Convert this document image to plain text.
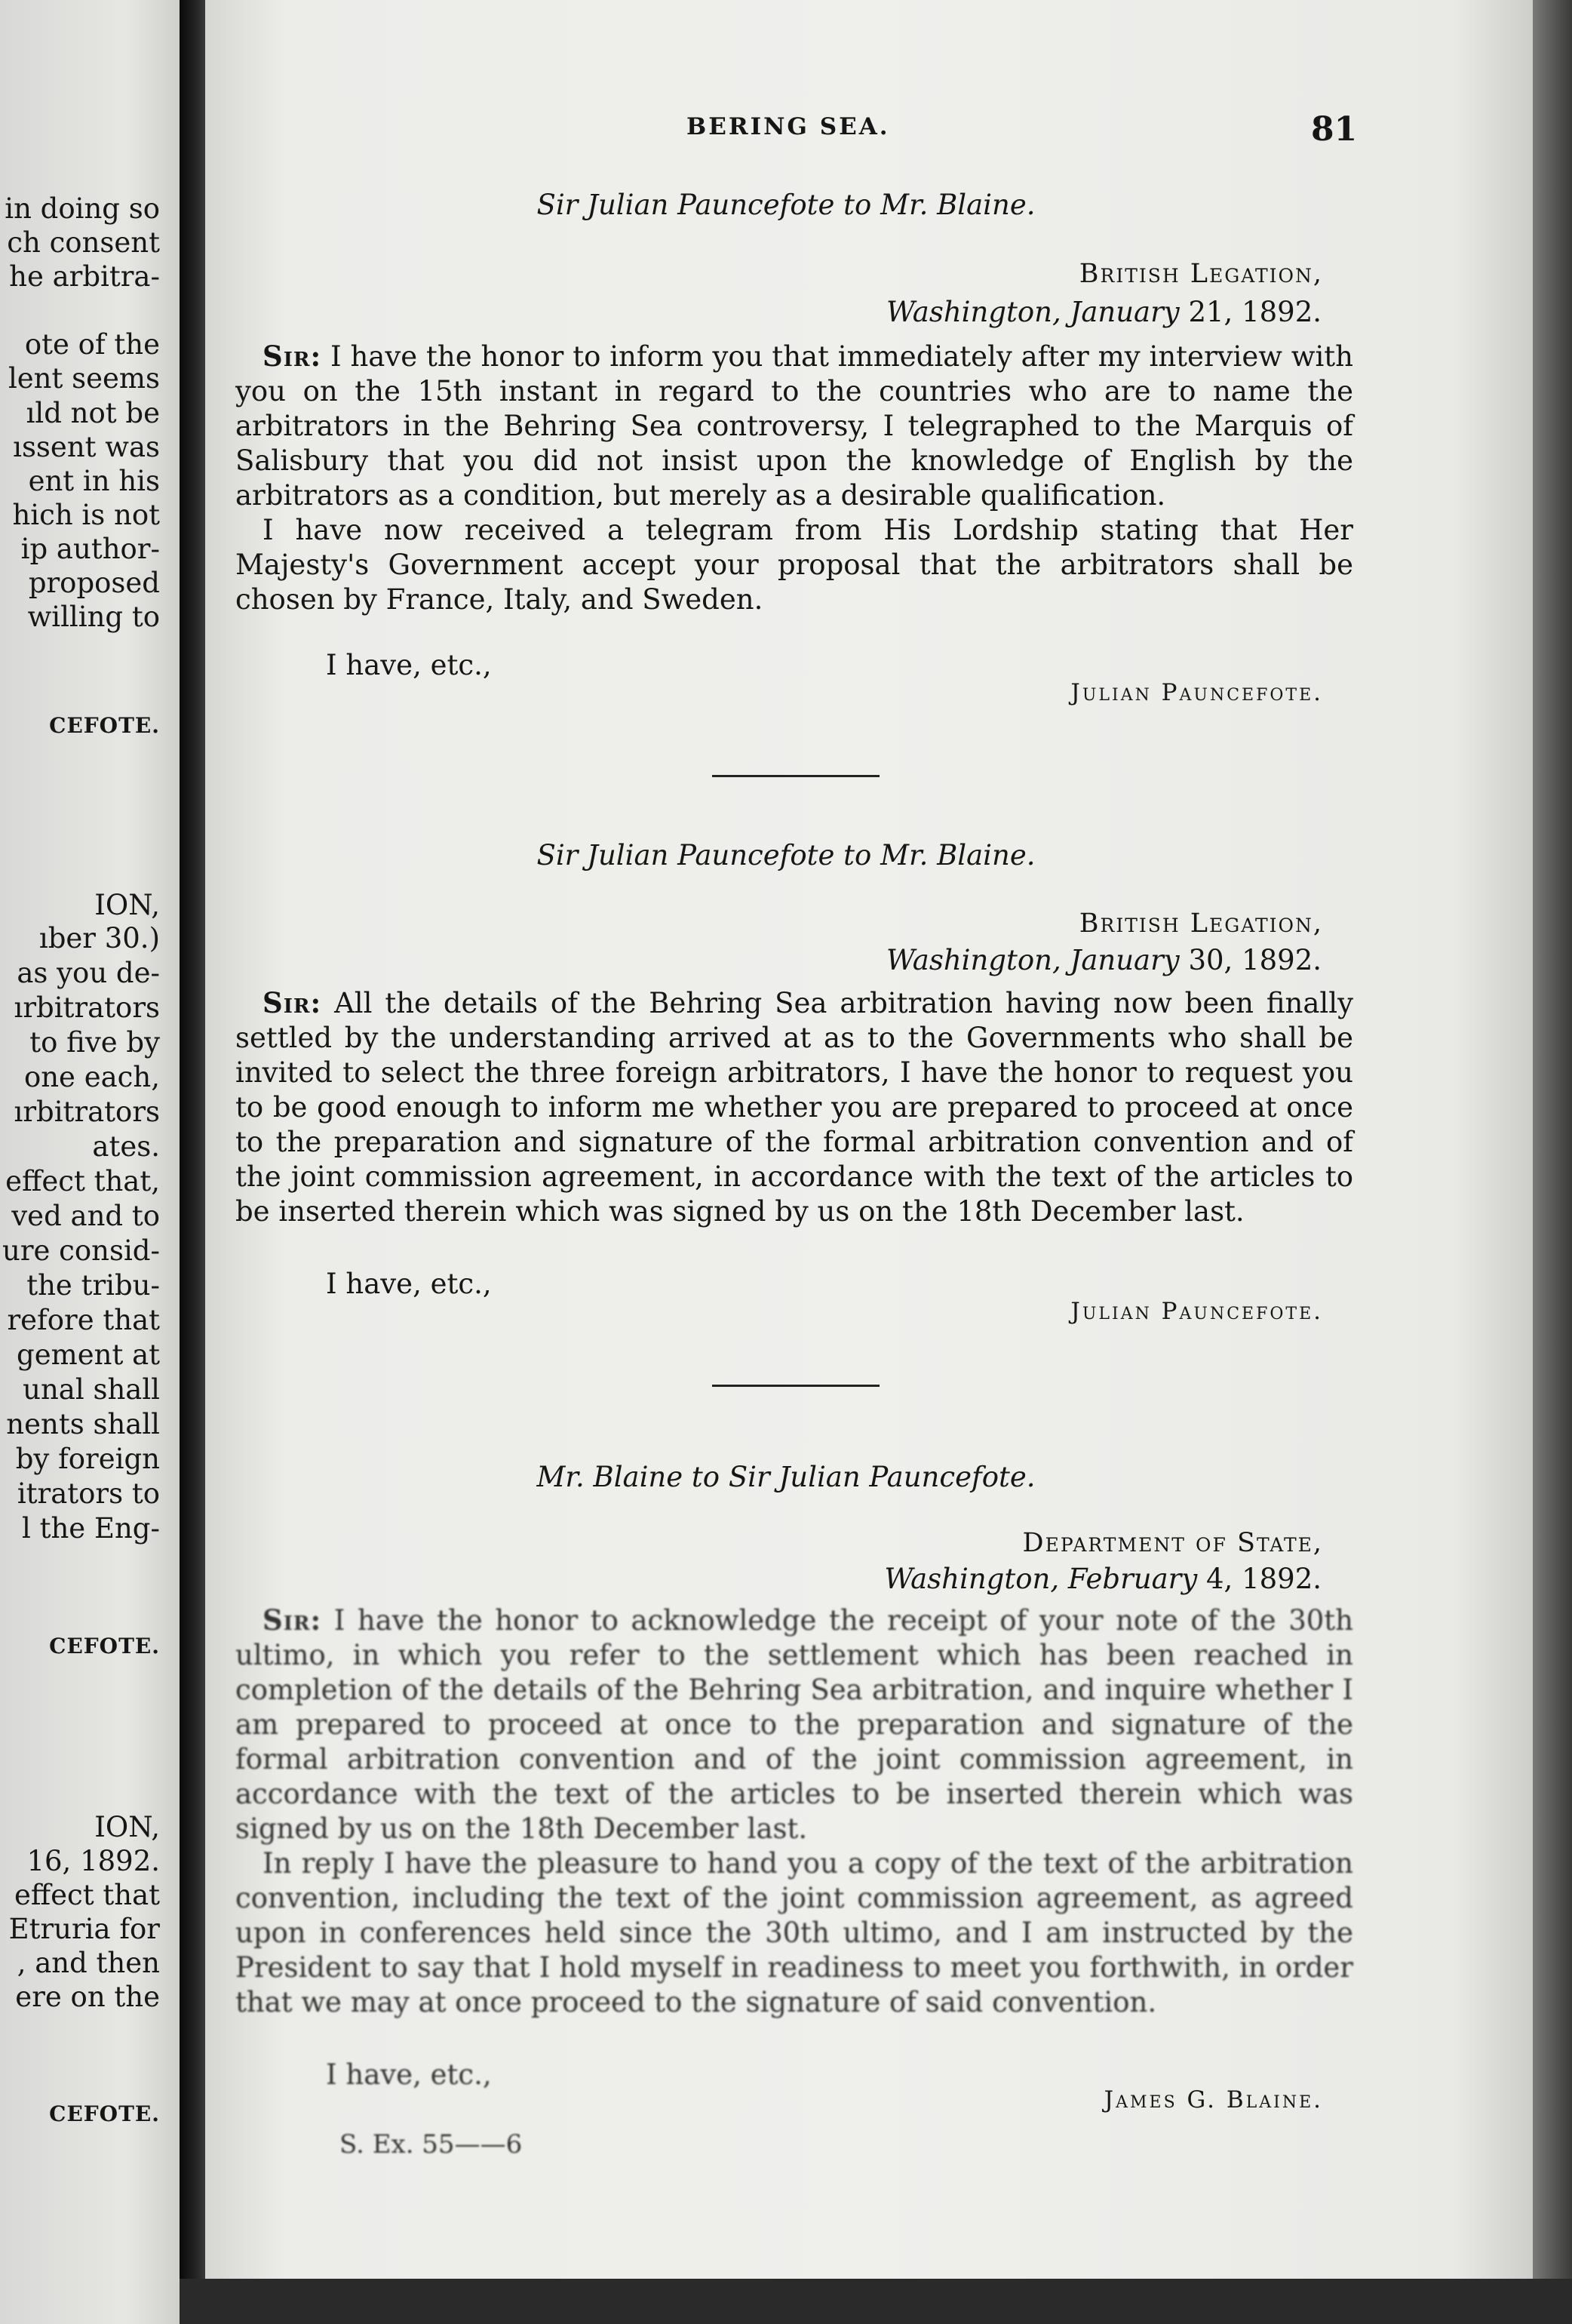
in doing so
ch consent
he arbitra-
ote of the
lent seems
ıld not be
ıssent was
ent in his
hich is not
ip author-
proposed
willing to
CEFOTE.
ION,
ıber 30.)
as you de-
ırbitrators
to five by
one each,
ırbitrators
ates.
effect that,
ved and to
ure consid-
the tribu-
refore that
gement at
unal shall
nents shall
by foreign
itrators to
l the Eng-
CEFOTE.
ION,
16, 1892.
effect that
Etruria for
, and then
ere on the
CEFOTE.
BERING SEA.	81
Sir Julian Pauncefote to Mr. Blaine.
British Legation,
Washington, January 21, 1892.

Sir: I have the honor to inform you that immediately after my interview with you on the 15th instant in regard to the countries who are to name the arbitrators in the Behring Sea controversy, I telegraphed to the Marquis of Salisbury that you did not insist upon the knowledge of English by the arbitrators as a condition, but merely as a desirable qualification.

I have now received a telegram from His Lordship stating that Her Majesty's Government accept your proposal that the arbitrators shall be chosen by France, Italy, and Sweden.

I have, etc.,
Julian Pauncefote.
Sir Julian Pauncefote to Mr. Blaine.
British Legation,
Washington, January 30, 1892.

Sir: All the details of the Behring Sea arbitration having now been finally settled by the understanding arrived at as to the Governments who shall be invited to select the three foreign arbitrators, I have the honor to request you to be good enough to inform me whether you are prepared to proceed at once to the preparation and signature of the formal arbitration convention and of the joint commission agreement, in accordance with the text of the articles to be inserted therein which was signed by us on the 18th December last.

I have, etc.,
Julian Pauncefote.
Mr. Blaine to Sir Julian Pauncefote.
Department of State,
Washington, February 4, 1892.

Sir: I have the honor to acknowledge the receipt of your note of the 30th ultimo, in which you refer to the settlement which has been reached in completion of the details of the Behring Sea arbitration, and inquire whether I am prepared to proceed at once to the preparation and signature of the formal arbitration convention and of the joint commission agreement, in accordance with the text of the articles to be inserted therein which was signed by us on the 18th December last.

In reply I have the pleasure to hand you a copy of the text of the arbitration convention, including the text of the joint commission agreement, as agreed upon in conferences held since the 30th ultimo, and I am instructed by the President to say that I hold myself in readiness to meet you forthwith, in order that we may at once proceed to the signature of said convention.

I have, etc.,
James G. Blaine.
S. Ex. 55——6
